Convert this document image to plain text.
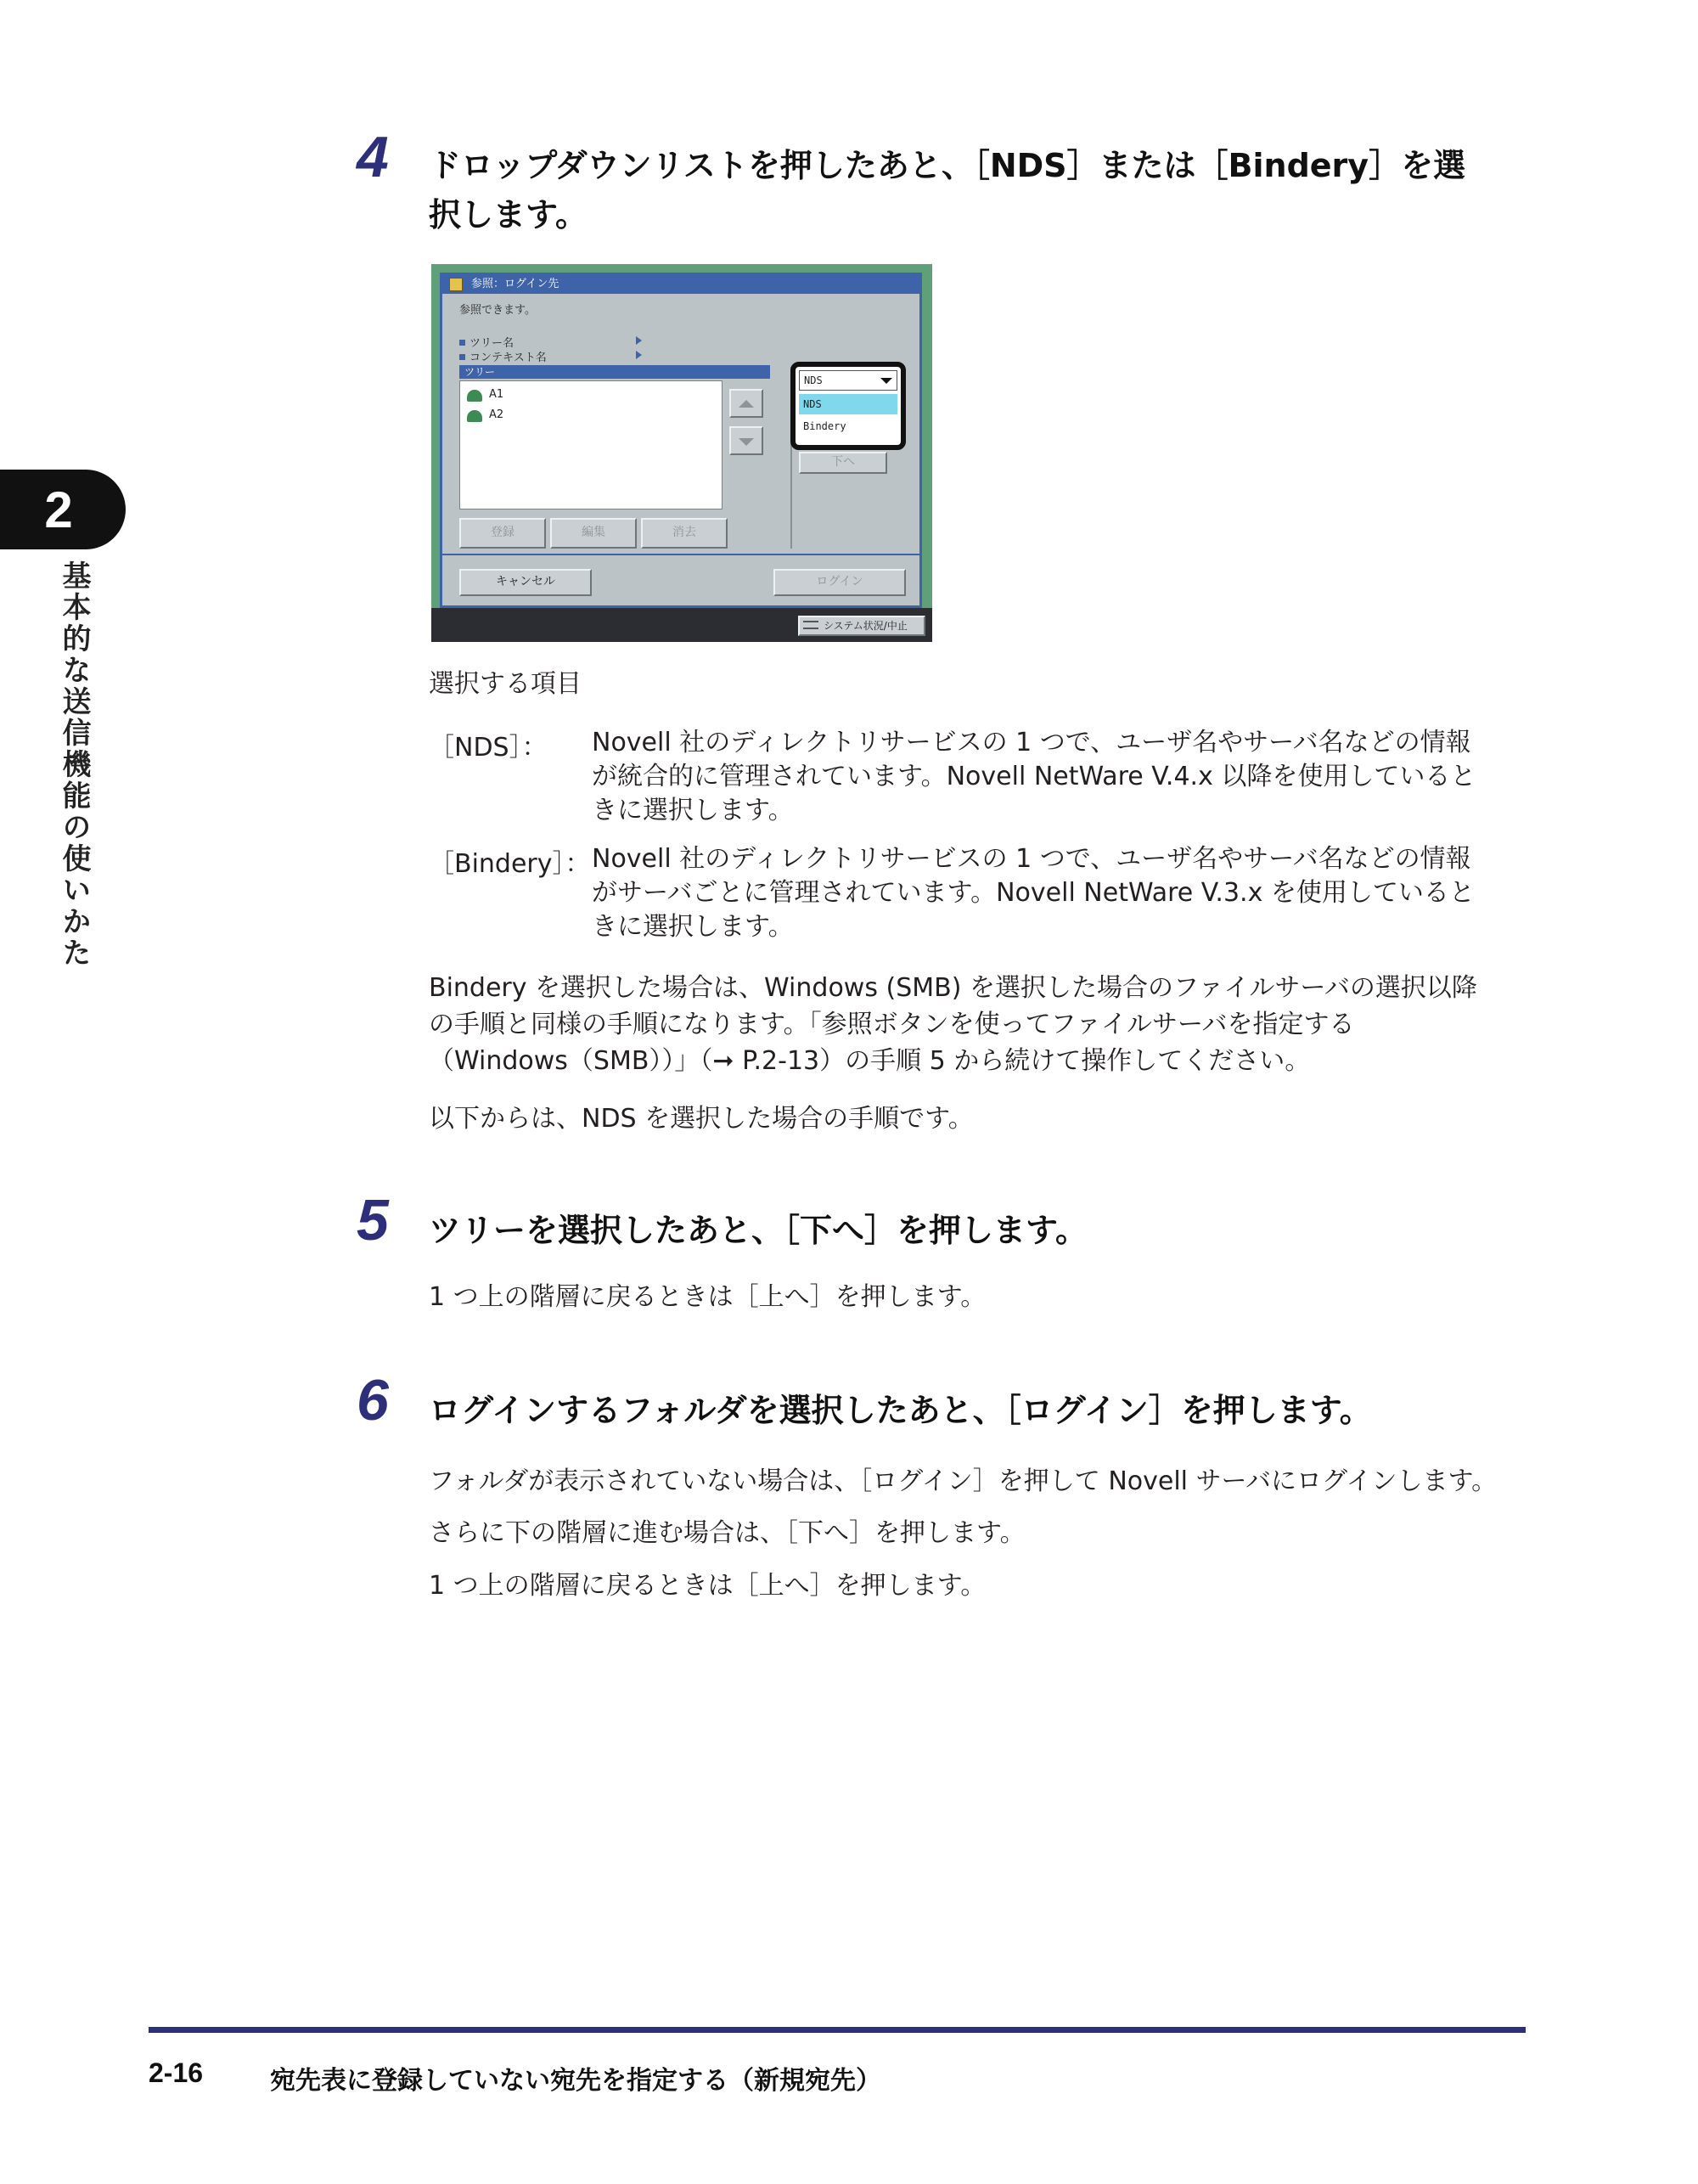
2
基本的な送信機能の使いかた
4 ドロップダウンリストを押したあと、［NDS］または［Bindery］を選
択します。
参照：ログイン先
参照できます。
ツリー名
コンテキスト名
ツリー
A1
A2
登録	編集	消去
NDS
NDS
Bindery
下へ
キャンセル	ログイン
システム状況/中止
選択する項目
［NDS］： Novell 社のディレクトリサービスの 1 つで、ユーザ名やサーバ名などの情報
が統合的に管理されています。Novell NetWare V.4.x 以降を使用していると
きに選択します。
［Bindery］： Novell 社のディレクトリサービスの 1 つで、ユーザ名やサーバ名などの情報
がサーバごとに管理されています。Novell NetWare V.3.x を使用していると
きに選択します。
Bindery を選択した場合は、Windows (SMB) を選択した場合のファイルサーバの選択以降
の手順と同様の手順になります。「参照ボタンを使ってファイルサーバを指定する
（Windows（SMB））」（➞ P.2-13）の手順 5 から続けて操作してください。
以下からは、NDS を選択した場合の手順です。
5 ツリーを選択したあと、［下へ］を押します。
1 つ上の階層に戻るときは［上へ］を押します。
6 ログインするフォルダを選択したあと、［ログイン］を押します。
フォルダが表示されていない場合は、［ログイン］を押して Novell サーバにログインします。
さらに下の階層に進む場合は、［下へ］を押します。
1 つ上の階層に戻るときは［上へ］を押します。
2-16	宛先表に登録していない宛先を指定する（新規宛先）
